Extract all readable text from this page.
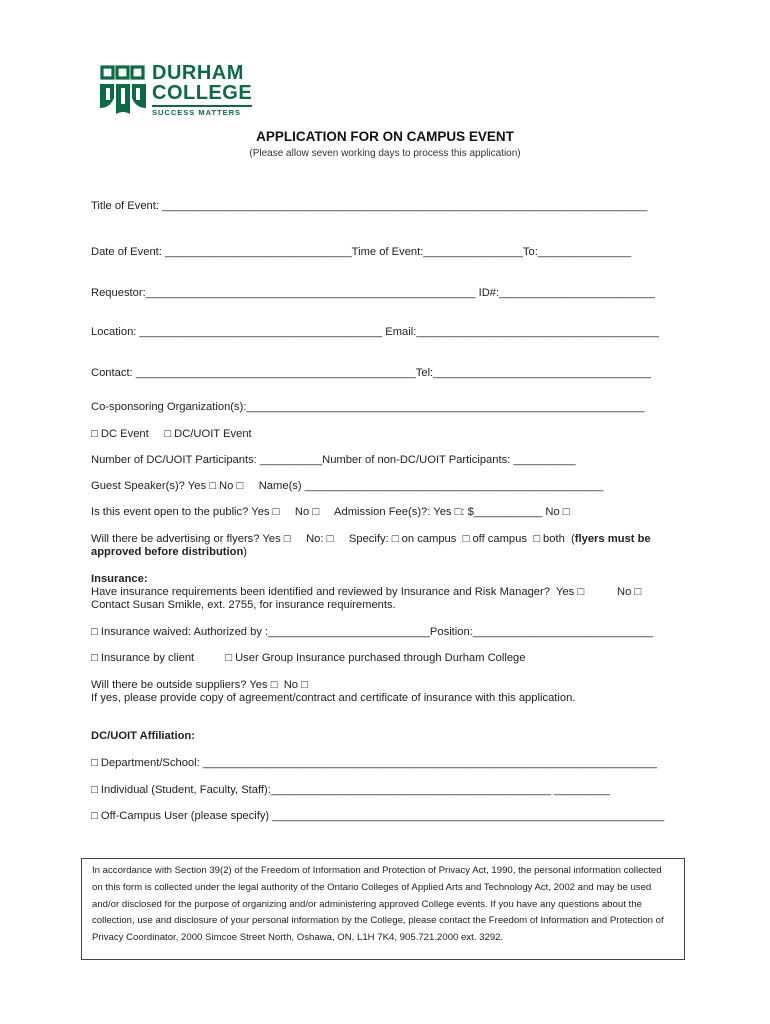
DURHAM
COLLEGE
SUCCESS MATTERS
APPLICATION FOR ON CAMPUS EVENT
(Please allow seven working days to process this application)
Title of Event: ______________________________________________________________________________
Date of Event: ______________________________Time of Event:________________To:_______________
Requestor:_____________________________________________________ ID#:_________________________
Location: _______________________________________ Email:_______________________________________
Contact: _____________________________________________Tel:___________________________________
Co-sponsoring Organization(s):________________________________________________________________
□ DC Event     □ DC/UOIT Event
Number of DC/UOIT Participants: __________Number of non-DC/UOIT Participants: __________
Guest Speaker(s)? Yes □ No □     Name(s) ________________________________________________
Is this event open to the public? Yes □     No □     Admission Fee(s)?: Yes □: $___________ No □
Will there be advertising or flyers? Yes □     No: □     Specify: □ on campus  □ off campus  □ both  (flyers must be
approved before distribution)
Insurance:
Have insurance requirements been identified and reviewed by Insurance and Risk Manager?  Yes □	No □
Contact Susan Smikle, ext. 2755, for insurance requirements.
□ Insurance waived: Authorized by :__________________________Position:_____________________________
□ Insurance by client          □ User Group Insurance purchased through Durham College
Will there be outside suppliers? Yes □  No □
If yes, please provide copy of agreement/contract and certificate of insurance with this application.
DC/UOIT Affiliation:
□ Department/School: _________________________________________________________________________
□ Individual (Student, Faculty, Staff):_____________________________________________ _________
□ Off-Campus User (please specify) _______________________________________________________________
In accordance with Section 39(2) of the Freedom of Information and Protection of Privacy Act, 1990, the personal information collected on this form is collected under the legal authority of the Ontario Colleges of Applied Arts and Technology Act, 2002 and may be used and/or disclosed for the purpose of organizing and/or administering approved College events. If you have any questions about the collection, use and disclosure of your personal information by the College, please contact the Freedom of Information and Protection of Privacy Coordinator, 2000 Simcoe Street North, Oshawa, ON, L1H 7K4, 905.721.2000 ext. 3292.
